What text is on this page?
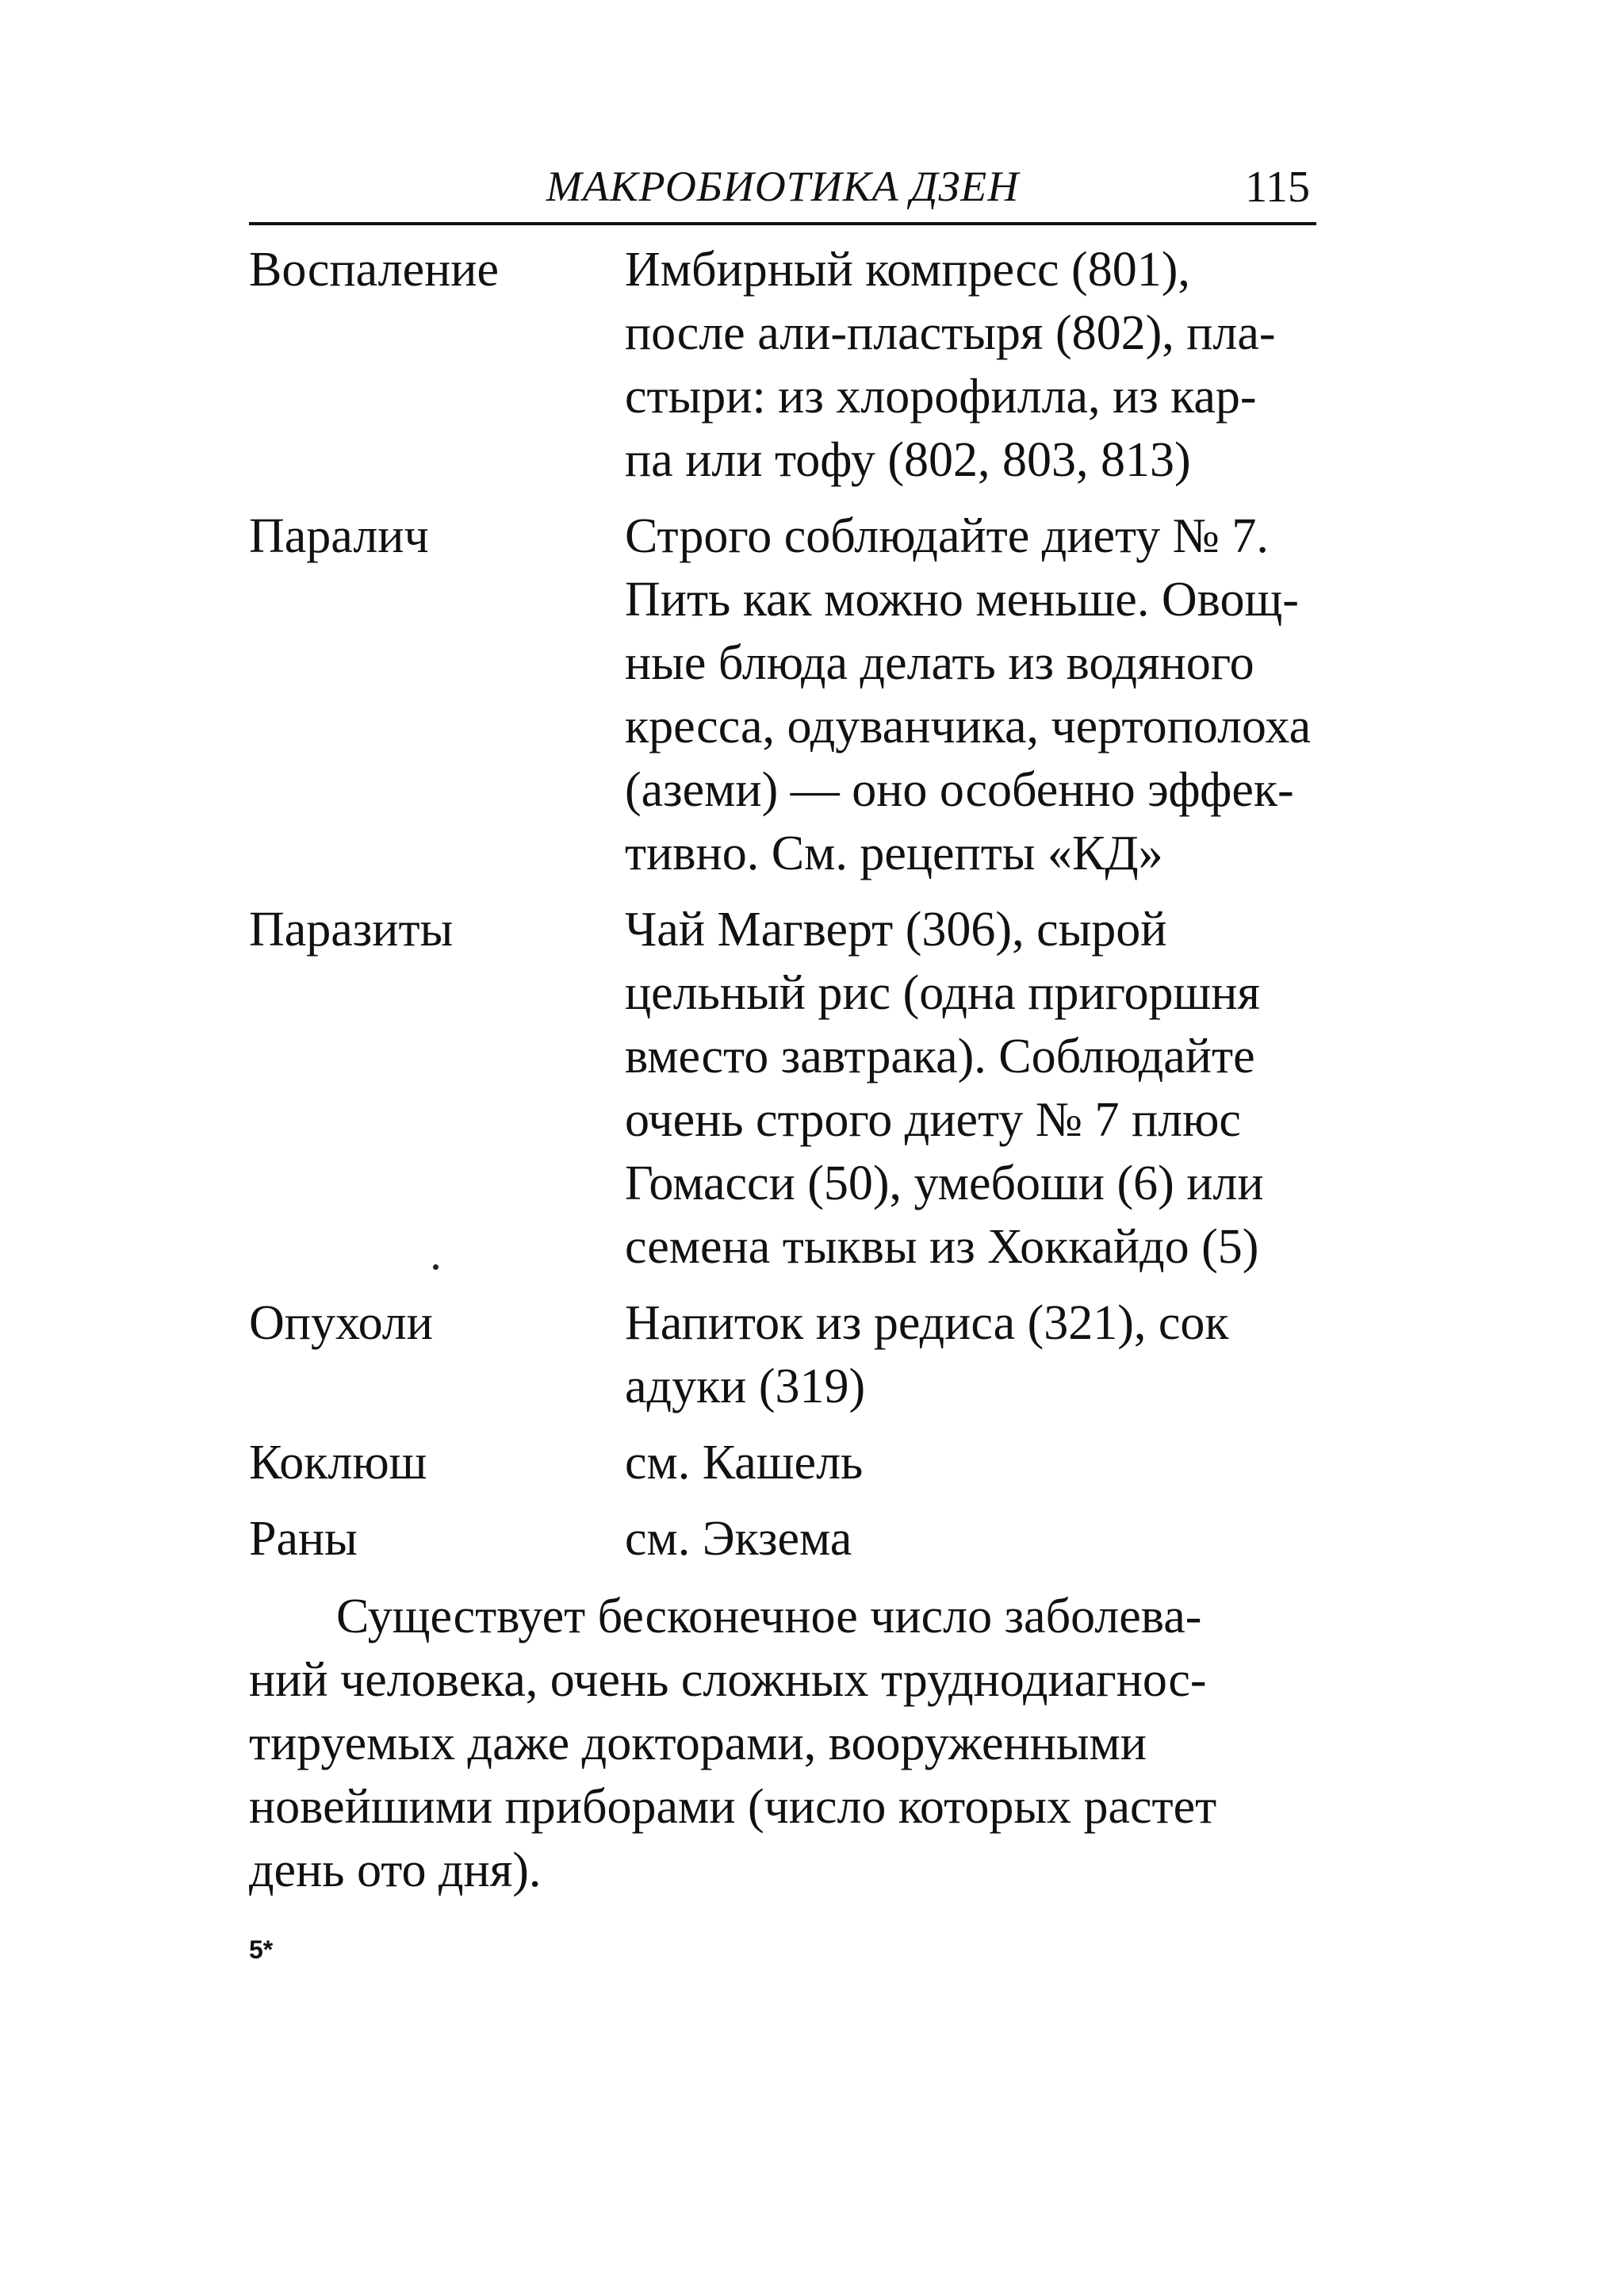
МАКРОБИОТИКА ДЗЕН	115
Воспаление	Имбирный компресс (801),
после али-пластыря (802), пла-
стыри: из хлорофилла, из кар-
па или тофу (802, 803, 813)
Паралич	Строго соблюдайте диету № 7.
Пить как можно меньше. Овощ-
ные блюда делать из водяного
кресса, одуванчика, чертополоха
(аземи) — оно особенно эффек-
тивно. См. рецепты «КД»
Паразиты	Чай Магверт (306), сырой
цельный рис (одна пригоршня
вместо завтрака). Соблюдайте
очень строго диету № 7 плюс
Гомасси (50), умебоши (6) или
семена тыквы из Хоккайдо (5)
Опухоли	Напиток из редиса (321), сок
адуки (319)
Коклюш	см. Кашель
Раны	см. Экзема
Существует бесконечное число заболева-
ний человека, очень сложных труднодиагнос-
тируемых даже докторами, вооруженными
новейшими приборами (число которых растет
день ото дня).
5*
